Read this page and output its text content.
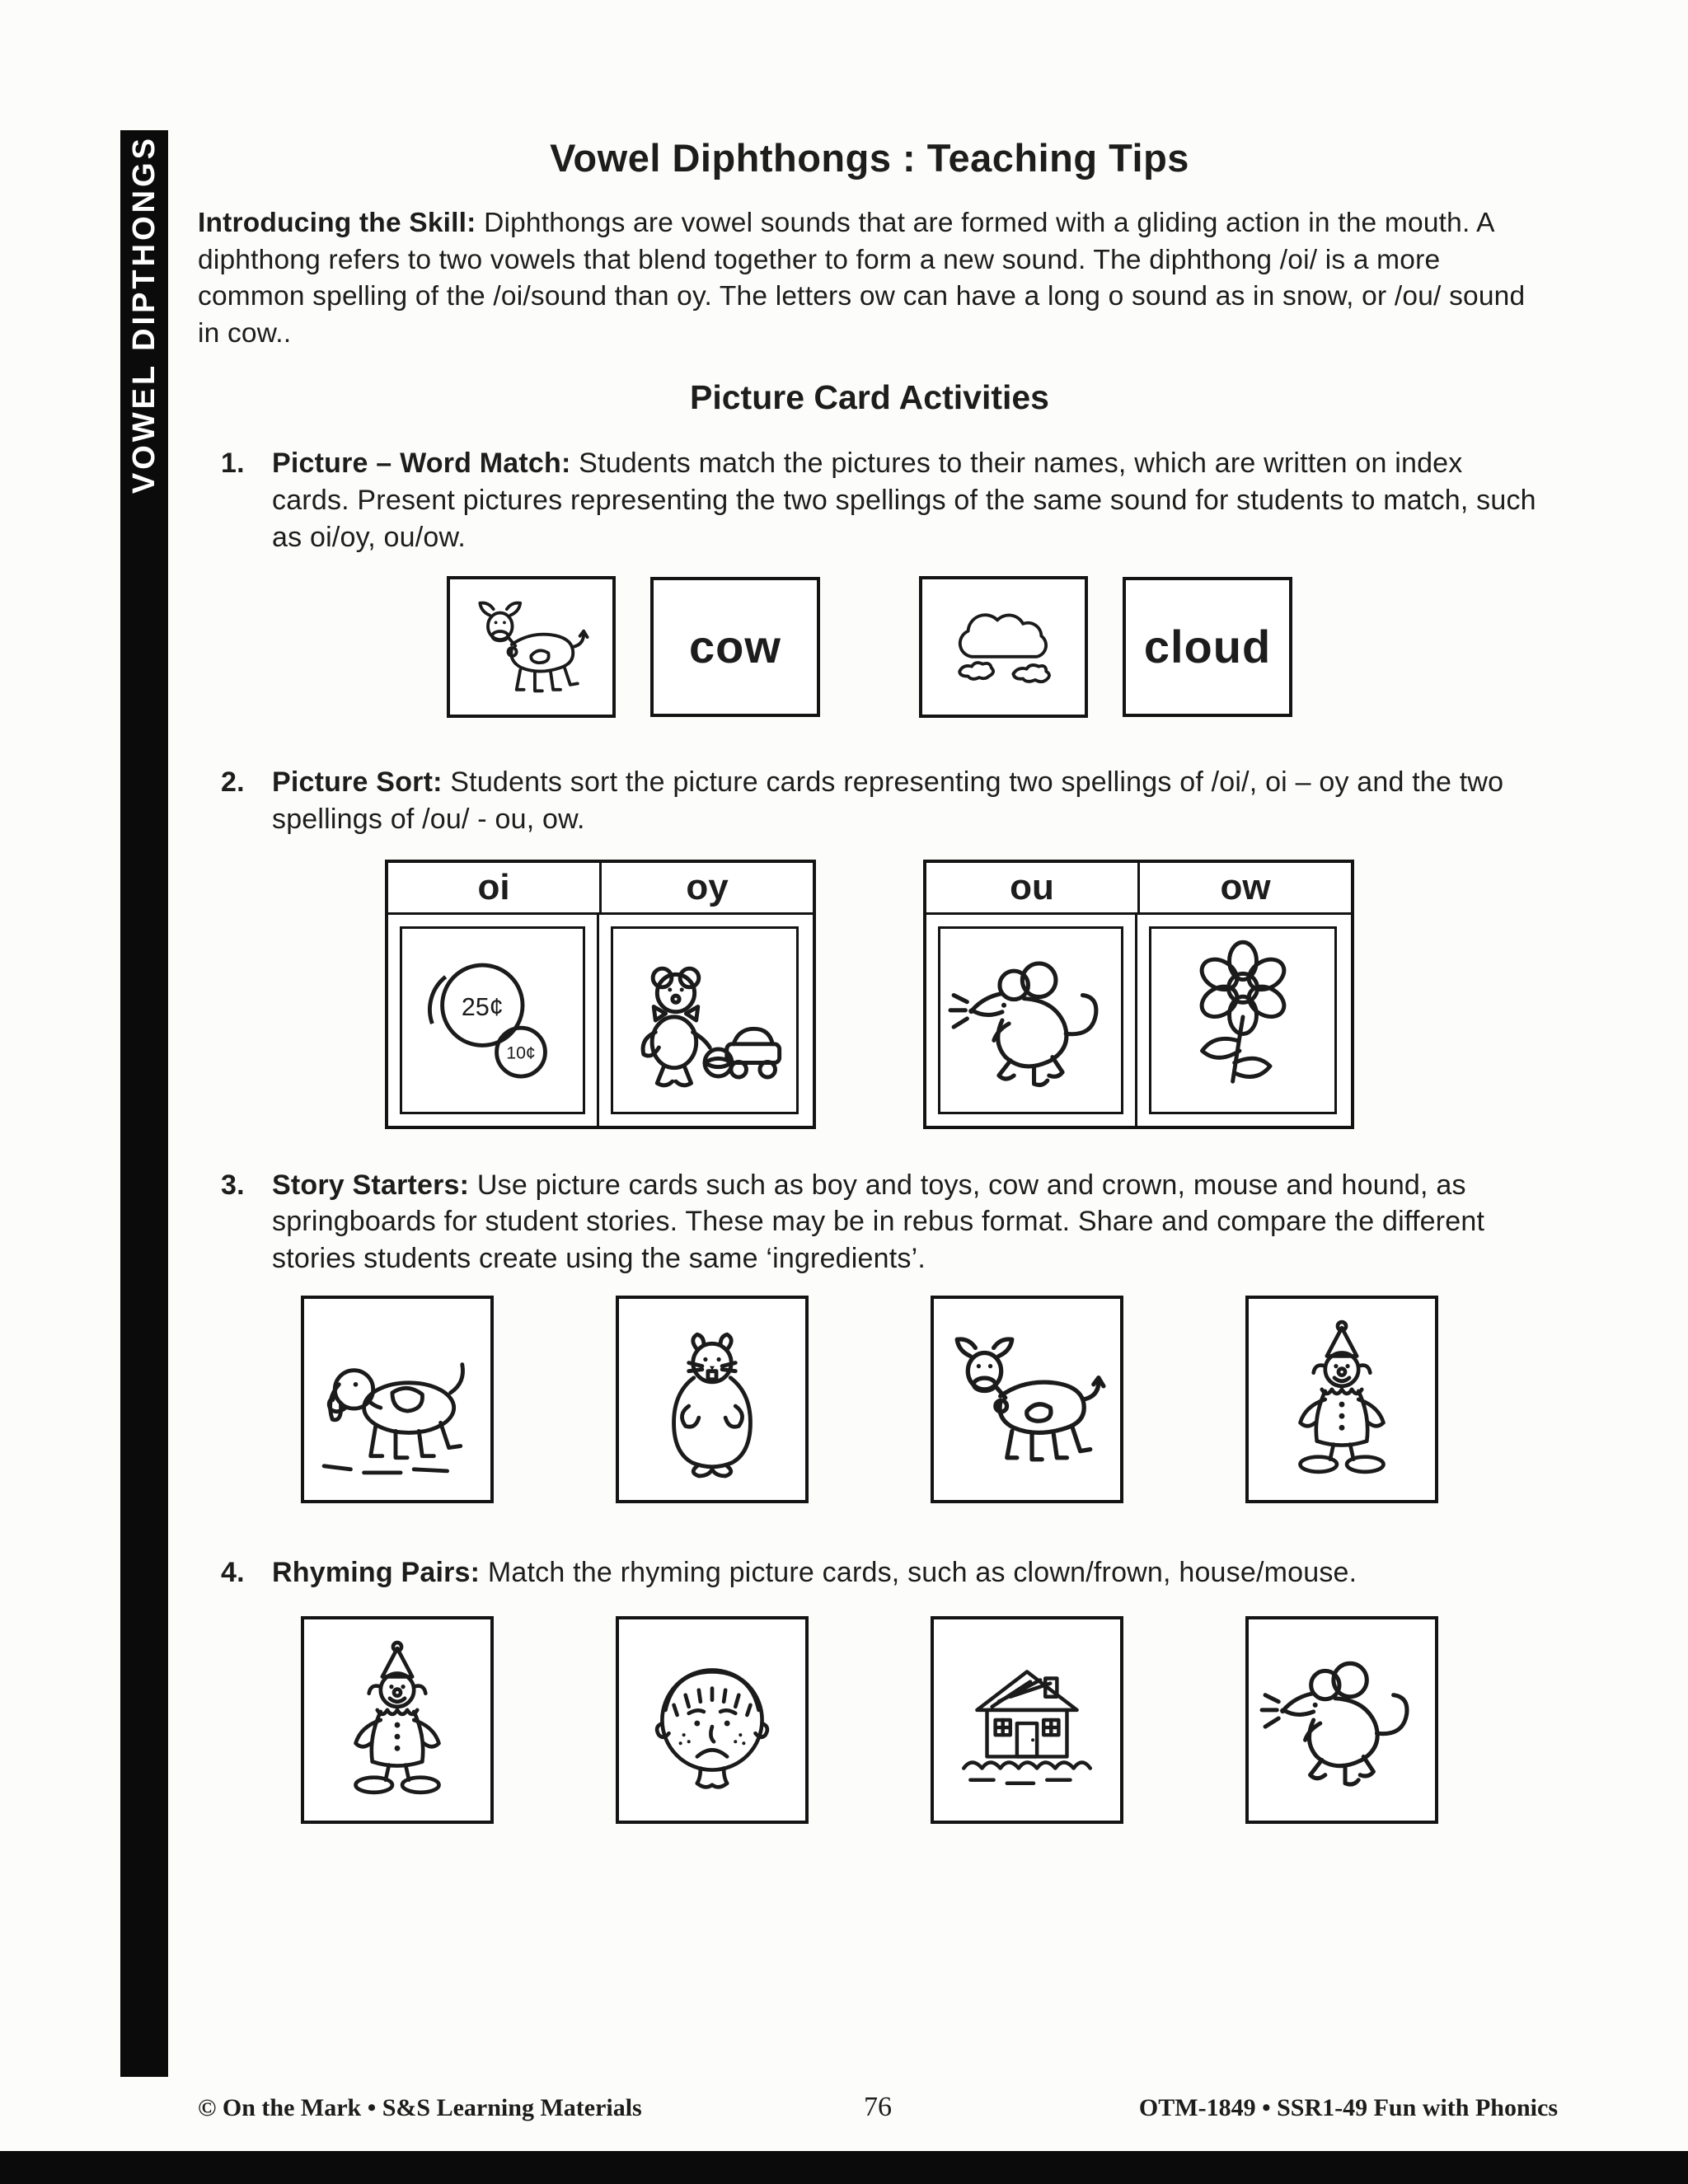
VOWEL DIPTHONGS	Vowel Diphthongs : Teaching Tips

Introducing the Skill: Diphthongs are vowel sounds that are formed with a gliding action in the mouth. A diphthong refers to two vowels that blend together to form a new sound. The diphthong /oi/ is a more common spelling of the /oi/sound than oy. The letters ow can have a long o sound as in snow, or /ou/ sound in cow..

Picture Card Activities
1. Picture – Word Match: Students match the pictures to their names, which are written on index cards. Present pictures representing the two spellings of the same sound for students to match, such as oi/oy, ou/ow.
cow	cloud
2. Picture Sort: Students sort the picture cards representing two spellings of /oi/, oi – oy and the two spellings of /ou/ - ou, ow.
oi	oy
25¢
10¢
ou	ow
3. Story Starters: Use picture cards such as boy and toys, cow and crown, mouse and hound, as springboards for student stories. These may be in rebus format. Share and compare the different stories students create using the same ‘ingredients’.
4. Rhyming Pairs: Match the rhyming picture cards, such as clown/frown, house/mouse.
© On the Mark • S&S Learning Materials	76	OTM-1849 • SSR1-49 Fun with Phonics
